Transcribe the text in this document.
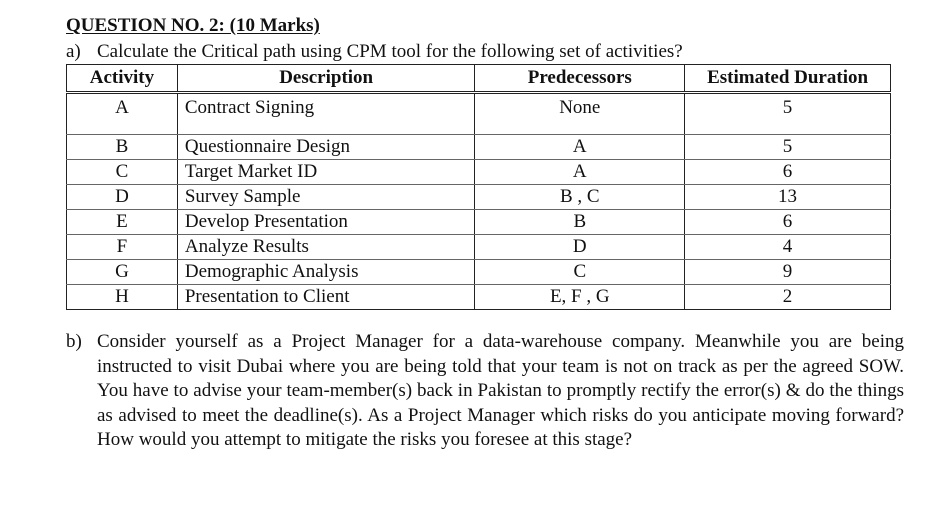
QUESTION NO. 2: (10 Marks)
a) Calculate the Critical path using CPM tool for the following set of activities?
Activity	Description	Predecessors	Estimated Duration
A	Contract Signing	None	5
B	Questionnaire Design	A	5
C	Target Market ID	A	6
D	Survey Sample	B , C	13
E	Develop Presentation	B	6
F	Analyze Results	D	4
G	Demographic Analysis	C	9
H	Presentation to Client	E, F , G	2
b) Consider yourself as a Project Manager for a data-warehouse company. Meanwhile you are being instructed to visit Dubai where you are being told that your team is not on track as per the agreed SOW. You have to advise your team-member(s) back in Pakistan to promptly rectify the error(s) & do the things as advised to meet the deadline(s). As a Project Manager which risks do you anticipate moving forward? How would you attempt to mitigate the risks you foresee at this stage?
